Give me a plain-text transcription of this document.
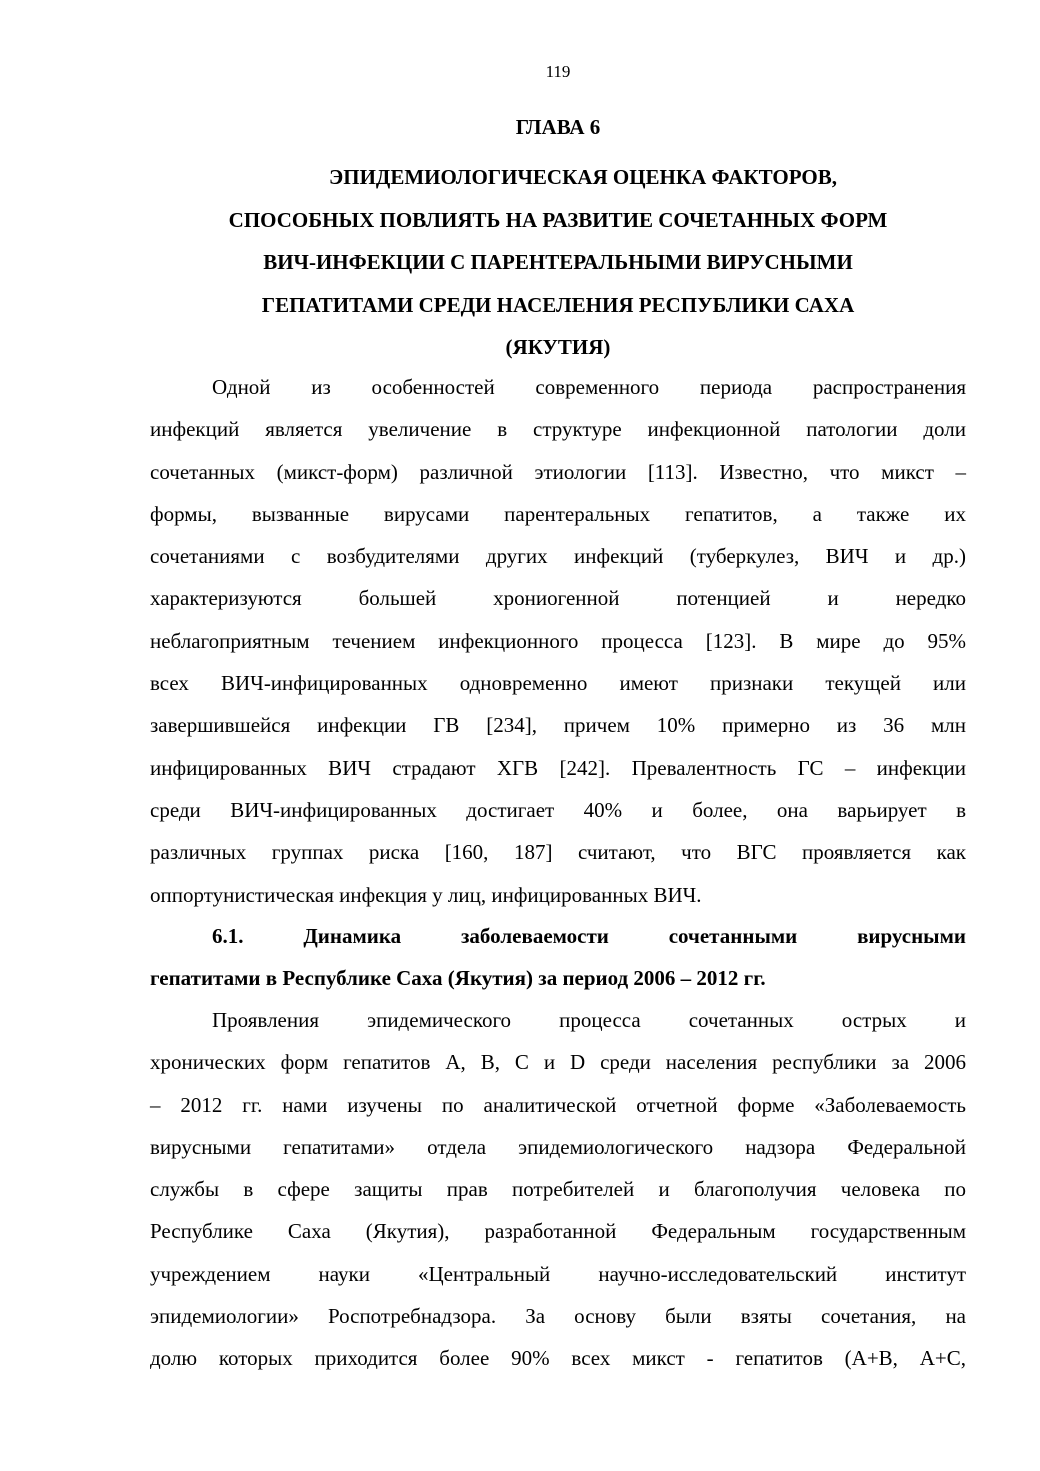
119
ГЛАВА 6
ЭПИДЕМИОЛОГИЧЕСКАЯ ОЦЕНКА ФАКТОРОВ,
СПОСОБНЫХ ПОВЛИЯТЬ НА РАЗВИТИЕ СОЧЕТАННЫХ ФОРМ
ВИЧ-ИНФЕКЦИИ С ПАРЕНТЕРАЛЬНЫМИ ВИРУСНЫМИ
ГЕПАТИТАМИ СРЕДИ НАСЕЛЕНИЯ РЕСПУБЛИКИ САХА
(ЯКУТИЯ)
Одной из особенностей современного периода распространения
инфекций является увеличение в структуре инфекционной патологии доли
сочетанных (микст-форм) различной этиологии [113]. Известно, что микст –
формы, вызванные вирусами парентеральных гепатитов, а также их
сочетаниями с возбудителями других инфекций (туберкулез, ВИЧ и др.)
характеризуются большей хрониогенной потенцией и нередко
неблагоприятным течением инфекционного процесса [123]. В мире до 95%
всех ВИЧ-инфицированных одновременно имеют признаки текущей или
завершившейся инфекции ГВ [234], причем 10% примерно из 36 млн
инфицированных ВИЧ страдают ХГВ [242]. Превалентность ГС – инфекции
среди ВИЧ-инфицированных достигает 40% и более, она варьирует в
различных группах риска [160, 187] считают, что ВГС проявляется как
оппортунистическая инфекция у лиц, инфицированных ВИЧ.
6.1. Динамика заболеваемости сочетанными вирусными
гепатитами в Республике Саха (Якутия) за период 2006 – 2012 гг.
Проявления эпидемического процесса сочетанных острых и
хронических форм гепатитов А, В, С и D среди населения республики за 2006
– 2012 гг. нами изучены по аналитической отчетной форме «Заболеваемость
вирусными гепатитами» отдела эпидемиологического надзора Федеральной
службы в сфере защиты прав потребителей и благополучия человека по
Республике Саха (Якутия), разработанной Федеральным государственным
учреждением науки «Центральный научно-исследовательский институт
эпидемиологии» Роспотребнадзора. За основу были взяты сочетания, на
долю которых приходится более 90% всех микст - гепатитов (А+В, А+С,
